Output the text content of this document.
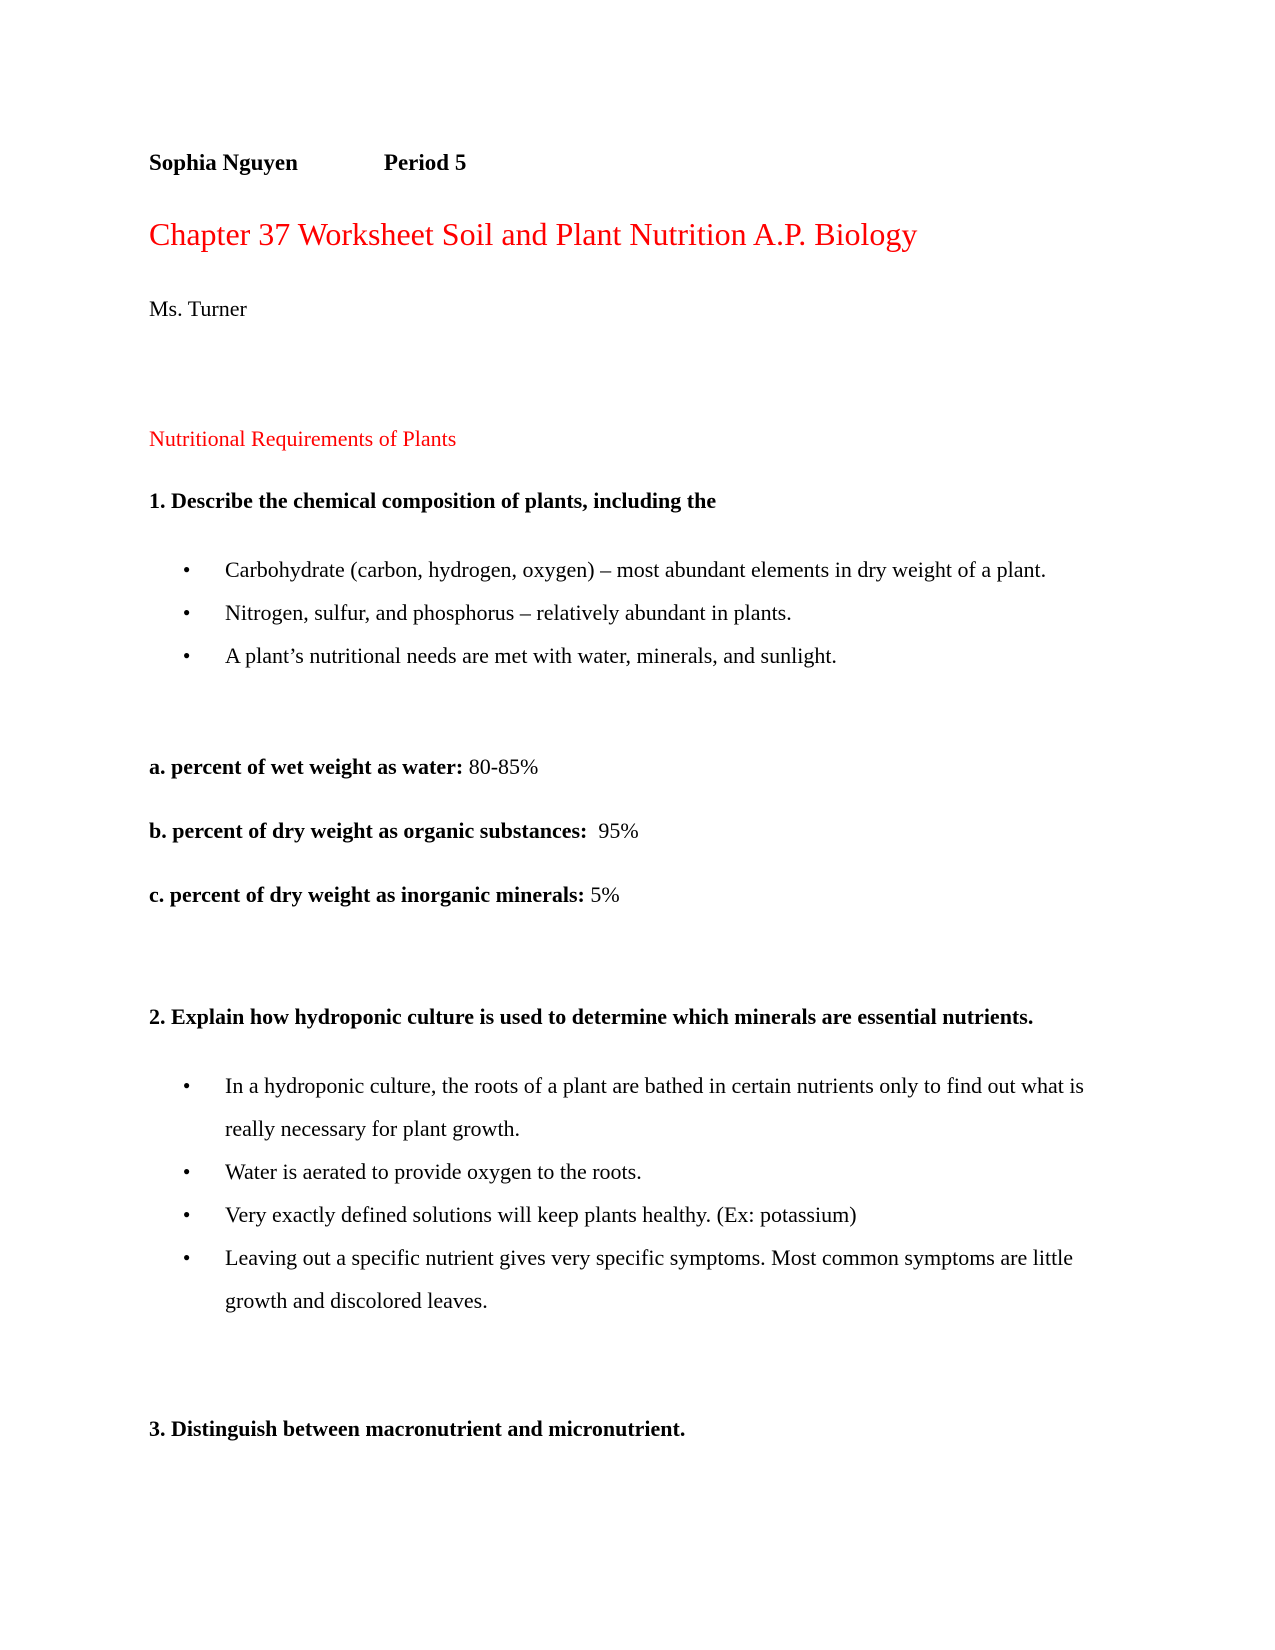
Sophia Nguyen	Period 5
Chapter 37 Worksheet Soil and Plant Nutrition A.P. Biology
Ms. Turner
Nutritional Requirements of Plants
1. Describe the chemical composition of plants, including the
● Carbohydrate (carbon, hydrogen, oxygen) – most abundant elements in dry weight of a plant.
● Nitrogen, sulfur, and phosphorus – relatively abundant in plants.
● A plant’s nutritional needs are met with water, minerals, and sunlight.
a. percent of wet weight as water: 80-85%
b. percent of dry weight as organic substances:  95%
c. percent of dry weight as inorganic minerals: 5%
2. Explain how hydroponic culture is used to determine which minerals are essential nutrients.
● In a hydroponic culture, the roots of a plant are bathed in certain nutrients only to find out what is really necessary for plant growth.
● Water is aerated to provide oxygen to the roots.
● Very exactly defined solutions will keep plants healthy. (Ex: potassium)
● Leaving out a specific nutrient gives very specific symptoms. Most common symptoms are little growth and discolored leaves.
3. Distinguish between macronutrient and micronutrient.
